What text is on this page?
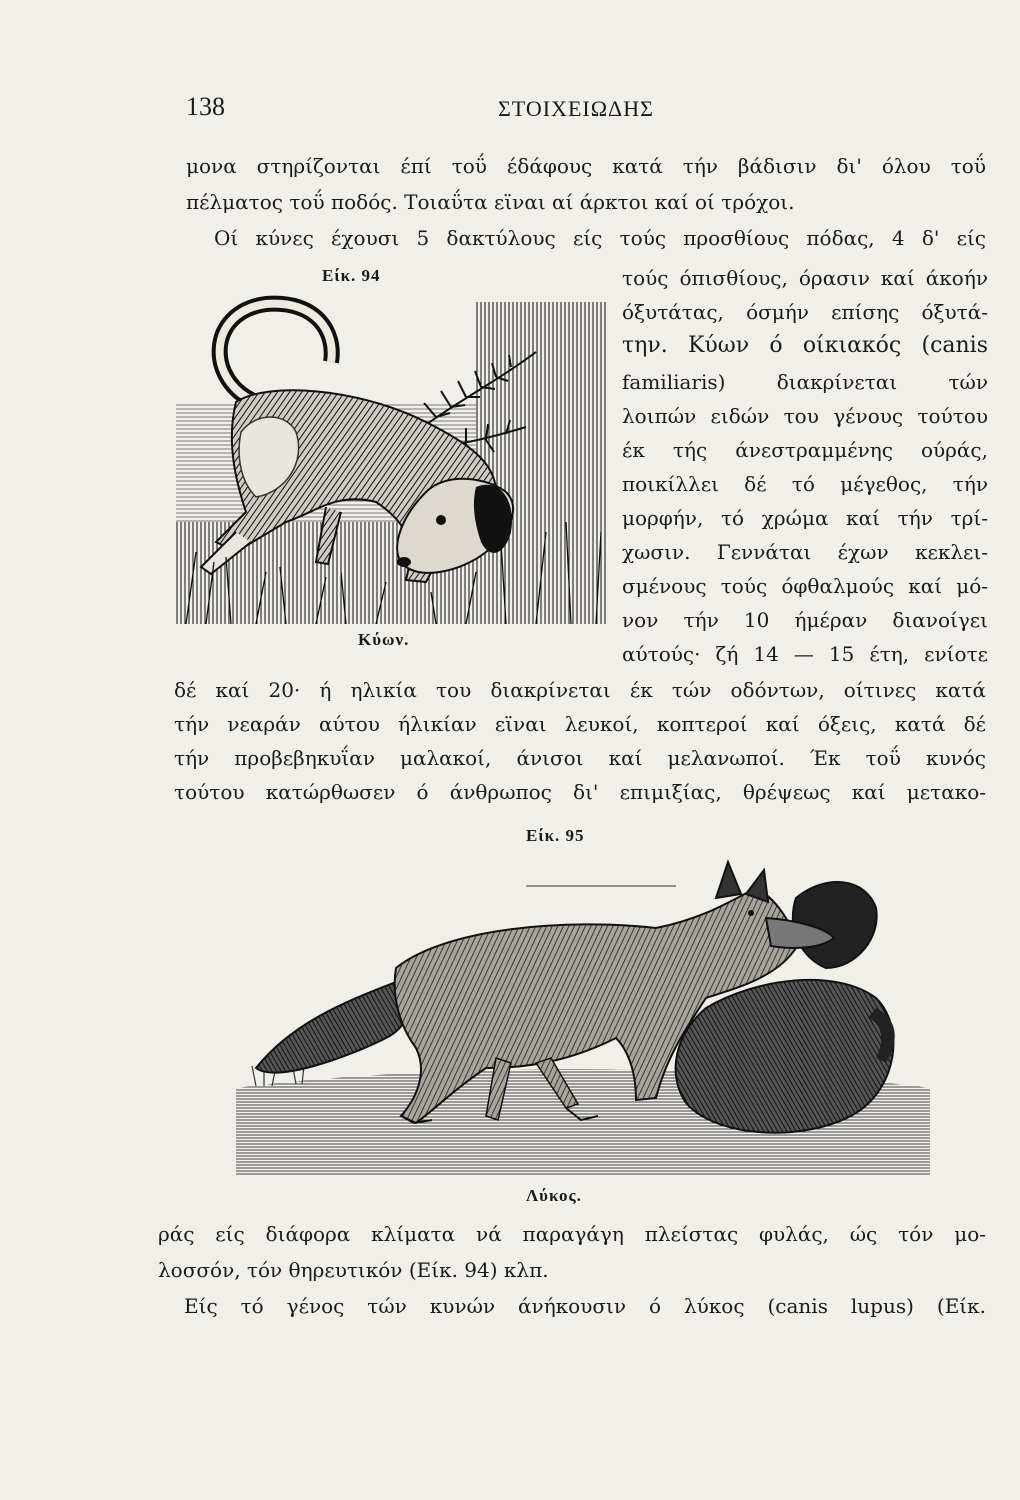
138	ΣΤΟΙΧΕΙΩΔΗΣ
μονα στηρίζονται έπί τοΰ έδάφους κατά τήν βάδισιν δι' όλου τοΰ
πέλματος τοΰ ποδός. Τοιαΰτα εϊναι αί άρκτοι καί οί τρόχοι.
Οί κύνες έχουσι 5 δακτύλους είς τούς προσθίους πόδας, 4 δ' είς
Είκ. 94	τούς όπισθίους, όρασιν καί άκοήν
όξυτάτας, όσμήν επίσης όξυτά-
την. Κύων ό οίκιακός (canis
familiaris) διακρίνεται τών
λοιπών ειδών του γένους τούτου
έκ τής άνεστραμμένης ούράς,
ποικίλλει δέ τό μέγεθος, τήν
μορφήν, τό χρώμα καί τήν τρί-
χωσιν. Γεννάται έχων κεκλει-
σμένους τούς όφθαλμούς καί μό-
νον τήν 10 ήμέραν διανοίγει
αύτούς· ζή 14 — 15 έτη, ενίοτε
Κύων.
δέ καί 20· ή ηλικία του διακρίνεται έκ τών οδόντων, οίτινες κατά
τήν νεαράν αύτου ήλικίαν εϊναι λευκοί, κοπτεροί καί όξεις, κατά δέ
τήν προβεβηκυΐαν μαλακοί, άνισοι καί μελανωποί. Έκ τοΰ κυνός
τούτου κατώρθωσεν ό άνθρωπος δι' επιμιξίας, θρέψεως καί μετακο-
Είκ. 95
Λύκος.
ράς είς διάφορα κλίματα νά παραγάγη πλείστας φυλάς, ώς τόν μο-
λοσσόν, τόν θηρευτικόν (Είκ. 94) κλπ.
Είς τό γένος τών κυνών άνήκουσιν ό λύκος (canis lupus) (Είκ.
